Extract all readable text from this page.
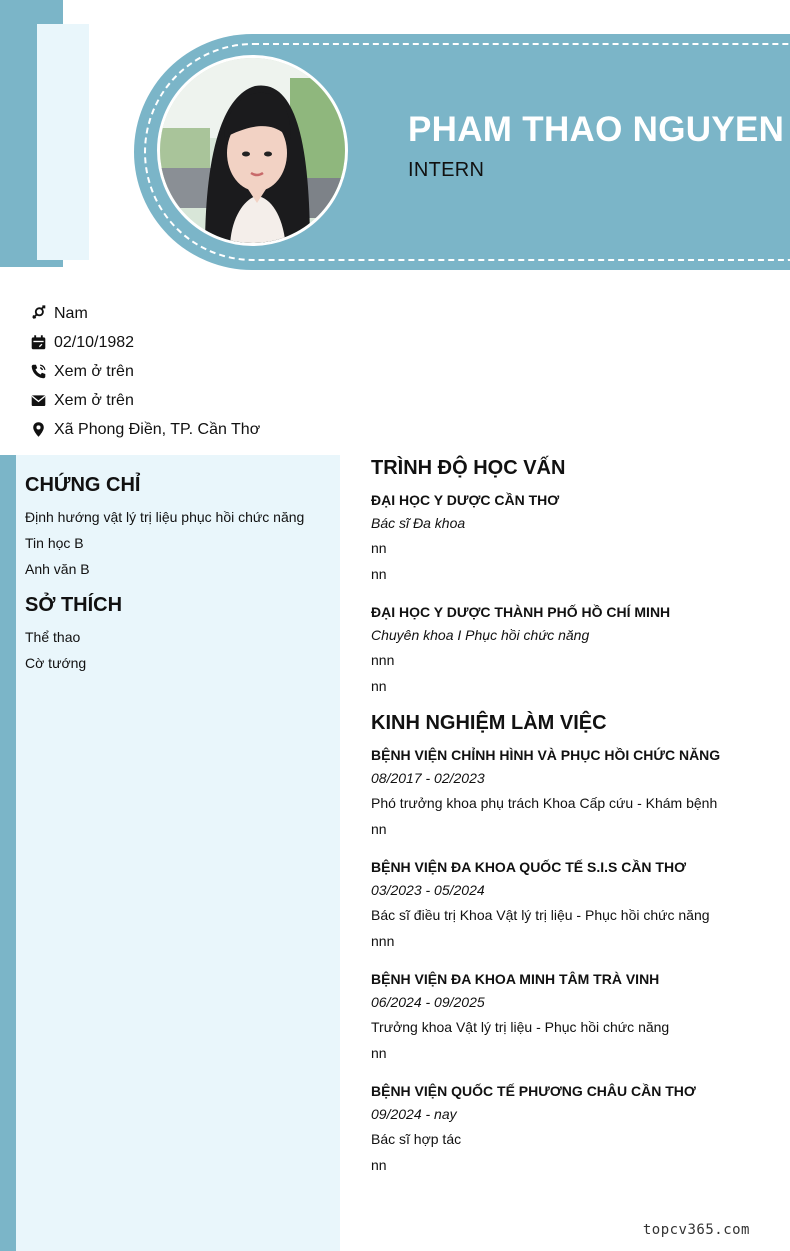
PHAM THAO NGUYEN
INTERN
Nam
02/10/1982
Xem ở trên
Xem ở trên
Xã Phong Điền, TP. Cần Thơ
CHỨNG CHỈ
Định hướng vật lý trị liệu phục hồi chức năng
Tin học B
Anh văn B
SỞ THÍCH
Thể thao
Cờ tướng
TRÌNH ĐỘ HỌC VẤN
ĐẠI HỌC Y DƯỢC CẦN THƠ
Bác sĩ Đa khoa
nn
nn
ĐẠI HỌC Y DƯỢC THÀNH PHỐ HỒ CHÍ MINH
Chuyên khoa I Phục hồi chức năng
nnn
nn
KINH NGHIỆM LÀM VIỆC
BỆNH VIỆN CHỈNH HÌNH VÀ PHỤC HỒI CHỨC NĂNG
08/2017 - 02/2023
Phó trưởng khoa phụ trách Khoa Cấp cứu - Khám bệnh
nn
BỆNH VIỆN ĐA KHOA QUỐC TẾ S.I.S CẦN THƠ
03/2023 - 05/2024
Bác sĩ điều trị Khoa Vật lý trị liệu - Phục hồi chức năng
nnn
BỆNH VIỆN ĐA KHOA MINH TÂM TRÀ VINH
06/2024 - 09/2025
Trưởng khoa Vật lý trị liệu - Phục hồi chức năng
nn
BỆNH VIỆN QUỐC TẾ PHƯƠNG CHÂU CẦN THƠ
09/2024 - nay
Bác sĩ hợp tác
nn
topcv365.com
